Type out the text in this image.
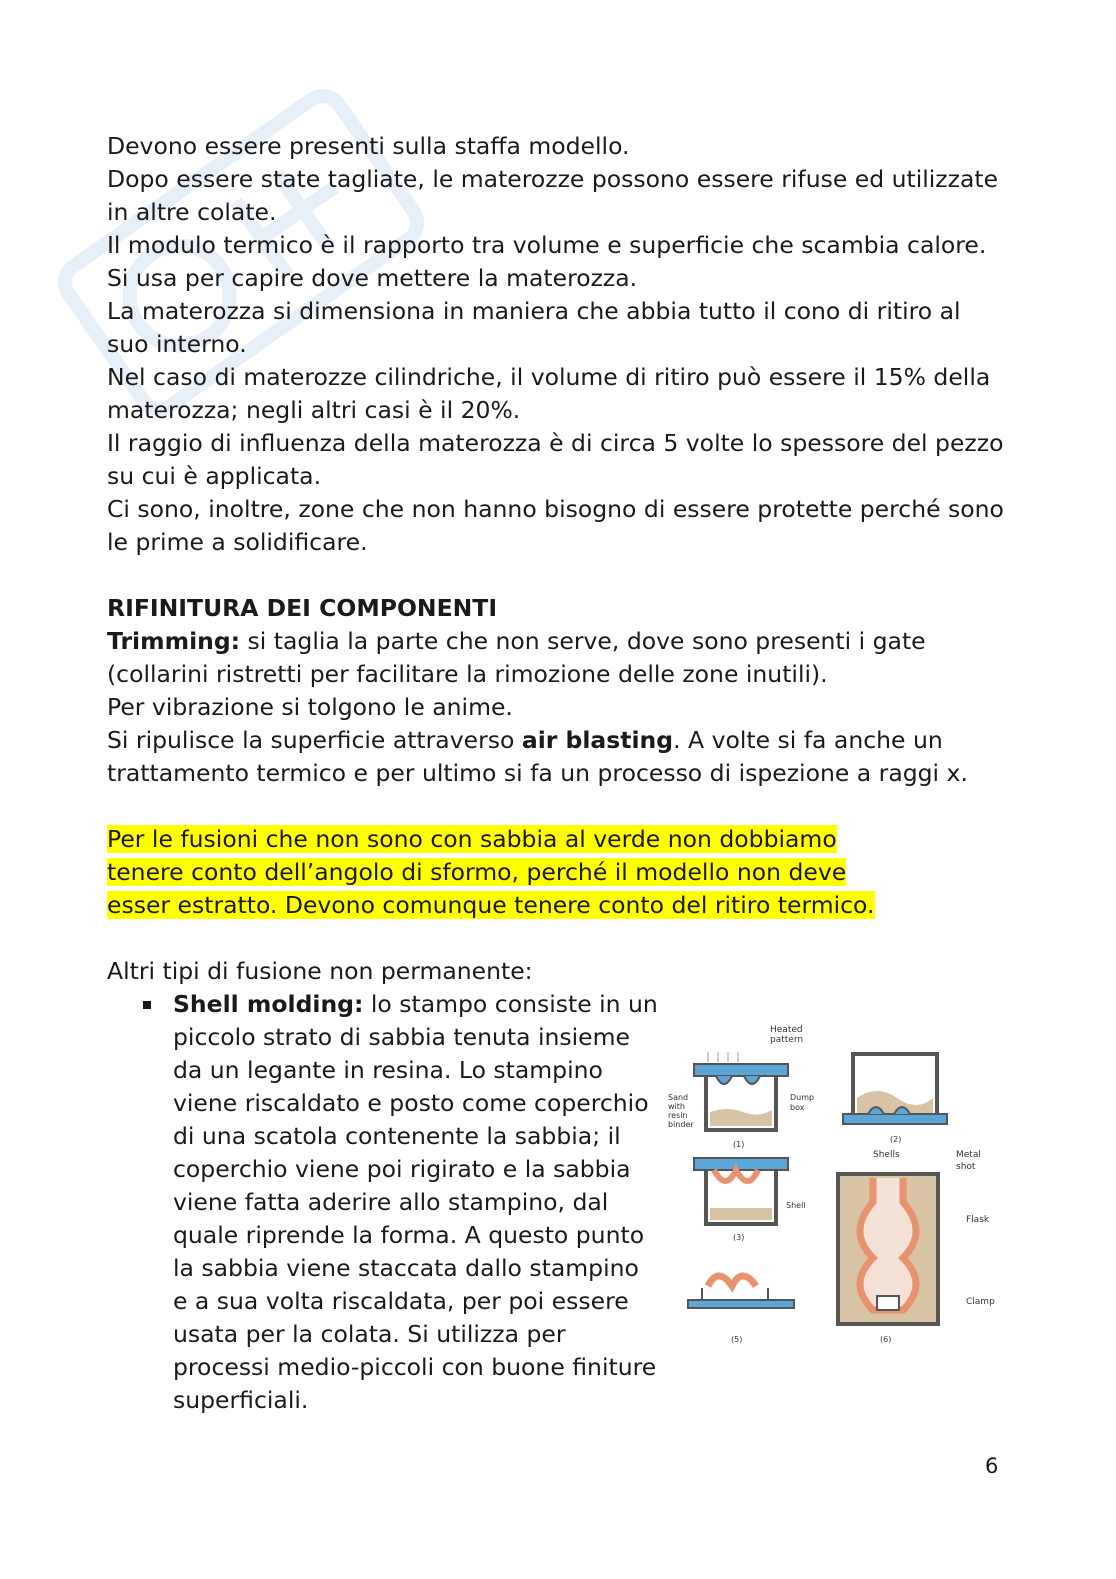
Devono essere presenti sulla staffa modello.

Dopo essere state tagliate, le materozze possono essere rifuse ed utilizzate in altre colate.

Il modulo termico è il rapporto tra volume e superficie che scambia calore. Si usa per capire dove mettere la materozza.

La materozza si dimensiona in maniera che abbia tutto il cono di ritiro al suo interno.

Nel caso di materozze cilindriche, il volume di ritiro può essere il 15% della materozza; negli altri casi è il 20%.

Il raggio di influenza della materozza è di circa 5 volte lo spessore del pezzo su cui è applicata.

Ci sono, inoltre, zone che non hanno bisogno di essere protette perché sono le prime a solidificare.

RIFINITURA DEI COMPONENTI

Trimming: si taglia la parte che non serve, dove sono presenti i gate (collarini ristretti per facilitare la rimozione delle zone inutili).

Per vibrazione si tolgono le anime.

Si ripulisce la superficie attraverso air blasting. A volte si fa anche un trattamento termico e per ultimo si fa un processo di ispezione a raggi x.

Per le fusioni che non sono con sabbia al verde non dobbiamo
tenere conto dell’angolo di sformo, perché il modello non deve
esser estratto. Devono comunque tenere conto del ritiro termico.

Altri tipi di fusione non permanente:

Heated
pattern
Sand
with
resin
binder
Dump
box
(1)
(2)
Shell
(3)
(5)
Shells	Metal
shot
Flask
Clamp
(6)

Shell molding: lo stampo consiste in un piccolo strato di sabbia tenuta insieme da un legante in resina. Lo stampino viene riscaldato e posto come coperchio di una scatola contenente la sabbia; il coperchio viene poi rigirato e la sabbia viene fatta aderire allo stampino, dal quale riprende la forma. A questo punto la sabbia viene staccata dallo stampino e a sua volta riscaldata, per poi essere usata per la colata. Si utilizza per processi medio-piccoli con buone finiture superficiali.

6
